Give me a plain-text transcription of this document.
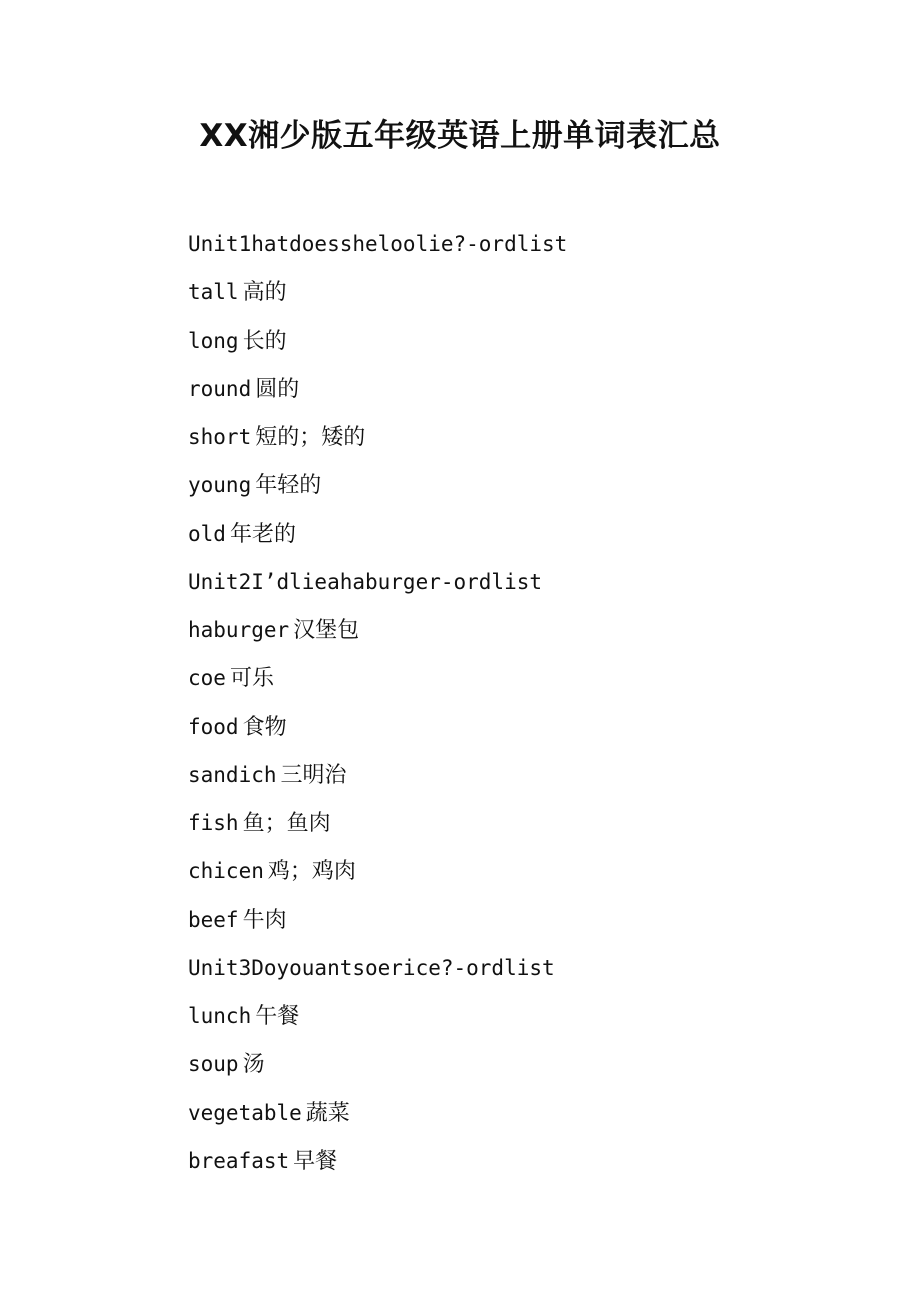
XX湘少版五年级英语上册单词表汇总
Unit1hatdoesshelooliе?-ordlist
tall 高的
long 长的
round 圆的
short 短的；矮的
young 年轻的
old 年老的
Unit2I’dlieahaburger-ordlist
haburger 汉堡包
coe 可乐
food 食物
sandich 三明治
fish 鱼；鱼肉
chicen 鸡；鸡肉
beef 牛肉
Unit3Doyouantsoerice?-ordlist
lunch 午餐
soup 汤
vegetable 蔬菜
breafast 早餐
